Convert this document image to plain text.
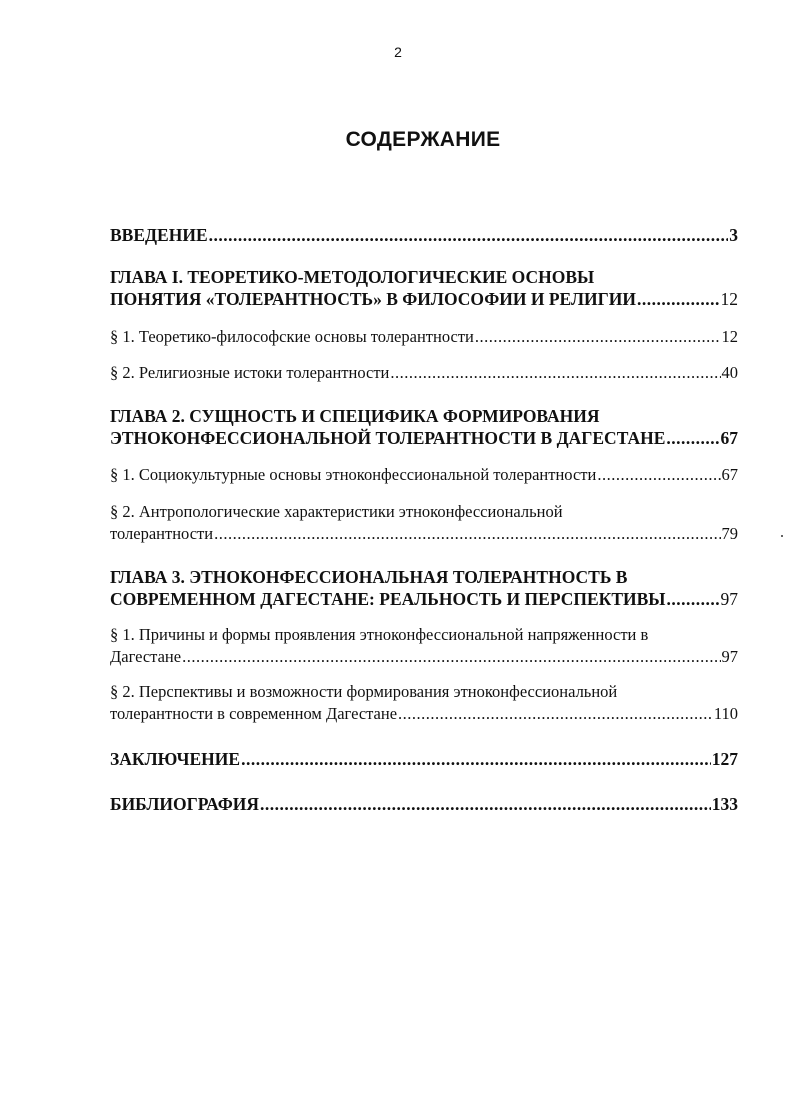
2
СОДЕРЖАНИЕ
ВВЕДЕНИЕ .....	3
ГЛАВА I. ТЕОРЕТИКО-МЕТОДОЛОГИЧЕСКИЕ ОСНОВЫ
ПОНЯТИЯ «ТОЛЕРАНТНОСТЬ» В ФИЛОСОФИИ И РЕЛИГИИ .....	12
§ 1. Теоретико-философские основы толерантности .....	12
§ 2. Религиозные истоки толерантности .....	40
ГЛАВА 2. СУЩНОСТЬ И СПЕЦИФИКА ФОРМИРОВАНИЯ
ЭТНОКОНФЕССИОНАЛЬНОЙ ТОЛЕРАНТНОСТИ В ДАГЕСТАНЕ .....	67
§ 1. Социокультурные основы этноконфессиональной толерантности .....	67
§ 2. Антропологические характеристики этноконфессиональной
толерантности .....	79
ГЛАВА 3. ЭТНОКОНФЕССИОНАЛЬНАЯ ТОЛЕРАНТНОСТЬ В
СОВРЕМЕННОМ ДАГЕСТАНЕ: РЕАЛЬНОСТЬ И ПЕРСПЕКТИВЫ .....	97
§ 1. Причины и формы проявления этноконфессиональной напряженности в
Дагестане .....	97
§ 2. Перспективы и возможности формирования этноконфессиональной
толерантности в современном Дагестане .....	110
ЗАКЛЮЧЕНИЕ .....	127
БИБЛИОГРАФИЯ .....	133
